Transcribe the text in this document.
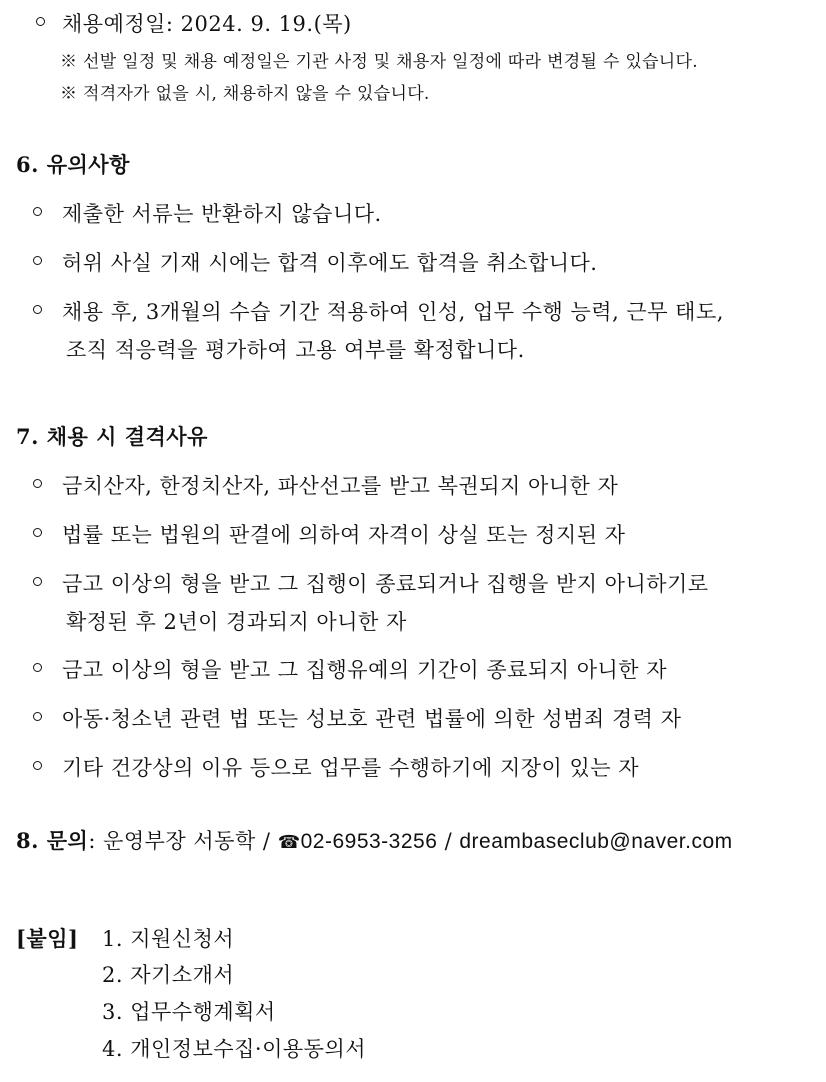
채용예정일: 2024. 9. 19.(목)
※ 선발 일정 및 채용 예정일은 기관 사정 및 채용자 일정에 따라 변경될 수 있습니다.
※ 적격자가 없을 시, 채용하지 않을 수 있습니다.
6. 유의사항
제출한 서류는 반환하지 않습니다.
허위 사실 기재 시에는 합격 이후에도 합격을 취소합니다.
채용 후, 3개월의 수습 기간 적용하여 인성, 업무 수행 능력, 근무 태도,
조직 적응력을 평가하여 고용 여부를 확정합니다.
7. 채용 시 결격사유
금치산자, 한정치산자, 파산선고를 받고 복권되지 아니한 자
법률 또는 법원의 판결에 의하여 자격이 상실 또는 정지된 자
금고 이상의 형을 받고 그 집행이 종료되거나 집행을 받지 아니하기로
확정된 후 2년이 경과되지 아니한 자
금고 이상의 형을 받고 그 집행유예의 기간이 종료되지 아니한 자
아동·청소년 관련 법 또는 성보호 관련 법률에 의한 성범죄 경력 자
기타 건강상의 이유 등으로 업무를 수행하기에 지장이 있는 자
8. 문의: 운영부장 서동학 / ☎02-6953-3256 / dreambaseclub@naver.com
[붙임] 1. 지원신청서
2. 자기소개서
3. 업무수행계획서
4. 개인정보수집·이용동의서
